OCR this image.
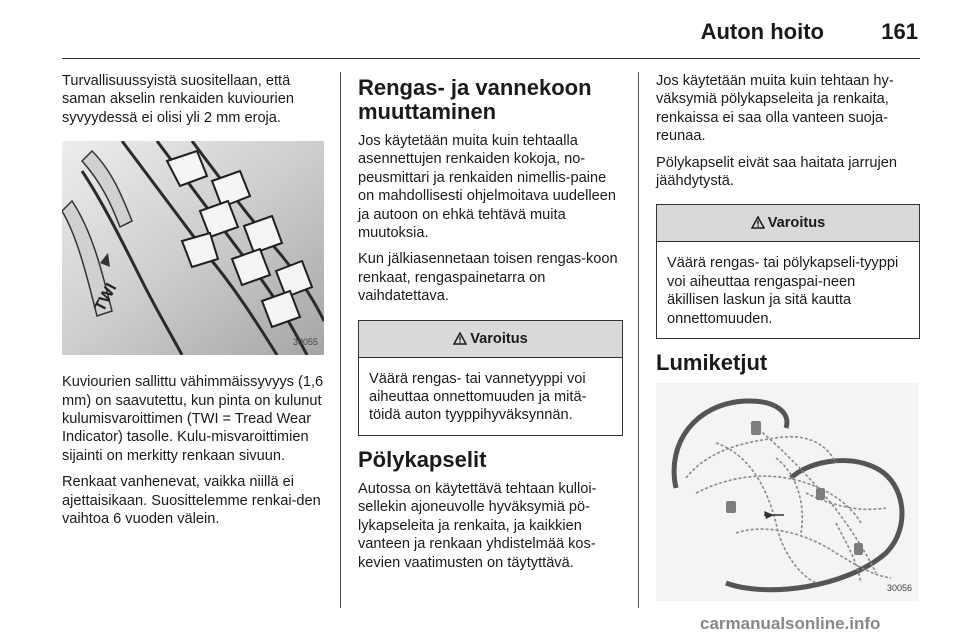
Auton hoito	161

Turvallisuussyistä suositellaan, että saman akselin renkaiden kuviourien syvyydessä ei olisi yli 2 mm eroja.

TWI
30055

Kuviourien sallittu vähimmäissyvyys (1,6 mm) on saavutettu, kun pinta on kulunut kulumisvaroittimen (TWI = Tread Wear Indicator) tasolle. Kulu-misvaroittimien sijainti on merkitty renkaan sivuun.

Renkaat vanhenevat, vaikka niillä ei ajettaisikaan. Suosittelemme renkai-den vaihtoa 6 vuoden välein.

Rengas- ja vannekoon muuttaminen

Jos käytetään muita kuin tehtaalla asennettujen renkaiden kokoja, no-peusmittari ja renkaiden nimellis-paine on mahdollisesti ohjelmoitava uudelleen ja autoon on ehkä tehtävä muita muutoksia.

Kun jälkiasennetaan toisen rengas-koon renkaat, rengaspainetarra on vaihdatettava.

Varoitus
Väärä rengas- tai vannetyyppi voi aiheuttaa onnettomuuden ja mitä-töidä auton tyyppihyväksynnän.
Pölykapselit

Autossa on käytettävä tehtaan kulloi-sellekin ajoneuvolle hyväksymiä pö-lykapseleita ja renkaita, ja kaikkien vanteen ja renkaan yhdistelmää kos-kevien vaatimusten on täytyttävä.

Jos käytetään muita kuin tehtaan hy-väksymiä pölykapseleita ja renkaita, renkaissa ei saa olla vanteen suoja-reunaa.

Pölykapselit eivät saa haitata jarrujen jäähdytystä.

Varoitus
Väärä rengas- tai pölykapseli-tyyppi voi aiheuttaa rengaspai-neen äkillisen laskun ja sitä kautta onnettomuuden.
Lumiketjut
30056
carmanualsonline.info
